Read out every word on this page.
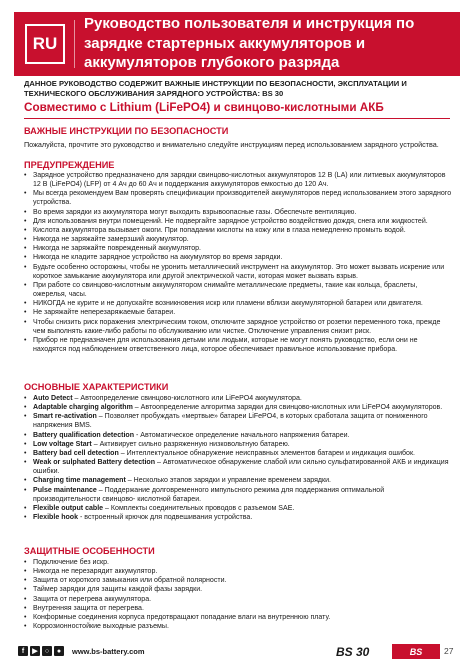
RU
Руководство пользователя и инструкция по зарядке стартерных аккумуляторов и аккумуляторов глубокого разряда
ДАННОЕ РУКОВОДСТВО СОДЕРЖИТ ВАЖНЫЕ ИНСТРУКЦИИ ПО БЕЗОПАСНОСТИ, ЭКСПЛУАТАЦИИ И ТЕХНИЧЕСКОГО ОБСЛУЖИВАНИЯ ЗАРЯДНОГО УСТРОЙСТВА: BS 30
Совместимо с Lithium (LiFePO4) и свинцово-кислотными АКБ
ВАЖНЫЕ ИНСТРУКЦИИ ПО БЕЗОПАСНОСТИ
Пожалуйста, прочтите это руководство и внимательно следуйте инструкциям перед использованием зарядного устройства.
ПРЕДУПРЕЖДЕНИЕ
• Зарядное устройство предназначено для зарядки свинцово-кислотных аккумуляторов 12 В (LA) или литиевых аккумуляторов 12 В (LiFePO4) (LFP) от 4 Ач до 60 Ач и поддержания аккумуляторов емкостью до 120 Ач.
• Мы всегда рекомендуем Вам проверять спецификации производителей аккумуляторов перед использованием этого зарядного устройства.
• Во время зарядки из аккумулятора могут выходить взрывоопасные газы. Обеспечьте вентиляцию.
• Для использования внутри помещений. Не подвергайте зарядное устройство воздействию дождя, снега или жидкостей.
• Кислота аккумулятора вызывает ожоги. При попадании кислоты на кожу или в глаза немедленно промыть водой.
• Никогда не заряжайте замерзший аккумулятор.
• Никогда не заряжайте поврежденный аккумулятор.
• Никогда не кладите зарядное устройство на аккумулятор во время зарядки.
• Будьте особенно осторожны, чтобы не уронить металлический инструмент на аккумулятор. Это может вызвать искрение или короткое замыкание аккумулятора или другой электрической части, которая может вызвать взрыв.
• При работе со свинцово-кислотным аккумулятором снимайте металлические предметы, такие как кольца, браслеты, ожерелья, часы.
• НИКОГДА не курите и не допускайте возникновения искр или пламени вблизи аккумуляторной батареи или двигателя.
• Не заряжайте неперезаряжаемые батареи.
• Чтобы снизить риск поражения электрическим током, отключите зарядное устройство от розетки переменного тока, прежде чем выполнять какие-либо работы по обслуживанию или чистке. Отключение управления снизит риск.
• Прибор не предназначен для использования детьми или людьми, которые не могут понять руководство, если они не находятся под наблюдением ответственного лица, которое обеспечивает правильное использование прибора.
ОСНОВНЫЕ ХАРАКТЕРИСТИКИ
• Auto Detect – Автоопределение свинцово-кислотного или LiFePO4 аккумулятора.
• Adaptable charging algorithm – Автоопределение алгоритма зарядки для свинцово-кислотных или LiFePO4 аккумуляторов.
• Smart re-activation – Позволяет пробуждать «мертвые» батареи LiFePO4, в которых сработала защита от пониженного напряжения BMS.
• Battery qualification detection - Автоматическое определение начального напряжения батареи.
• Low voltage Start – Активирует сильно разряженную низковольтную батарею.
• Battery bad cell detection – Интеллектуальное обнаружение неисправных элементов батареи и индикация ошибок.
• Weak or sulphated Battery detection – Автоматическое обнаружение слабой или сильно сульфатированной АКБ и индикация ошибки.
• Charging time management – Несколько этапов зарядки и управление временем зарядки.
• Pulse maintenance – Поддержание долговременного импульсного режима для поддержания оптимальной производительности свинцово- кислотной батареи.
• Flexible output cable – Комплекты соединительных проводов с разъемом SAE.
• Flexible hook - встроенный крючок для подвешивания устройства.
ЗАЩИТНЫЕ ОСОБЕННОСТИ
• Подключение без искр.
• Никогда не перезарядит аккумулятор.
• Защита от короткого замыкания или обратной полярности.
• Таймер зарядки для защиты каждой фазы зарядки.
• Защита от перегрева аккумулятора.
• Внутренняя защита от перегрева.
• Конформные соединения корпуса предотвращают попадание влаги на внутреннюю плату.
• Коррозионностойкие выходные разъемы.
f	▶	○	●	www.bs-battery.com	BS 30	BS	27
